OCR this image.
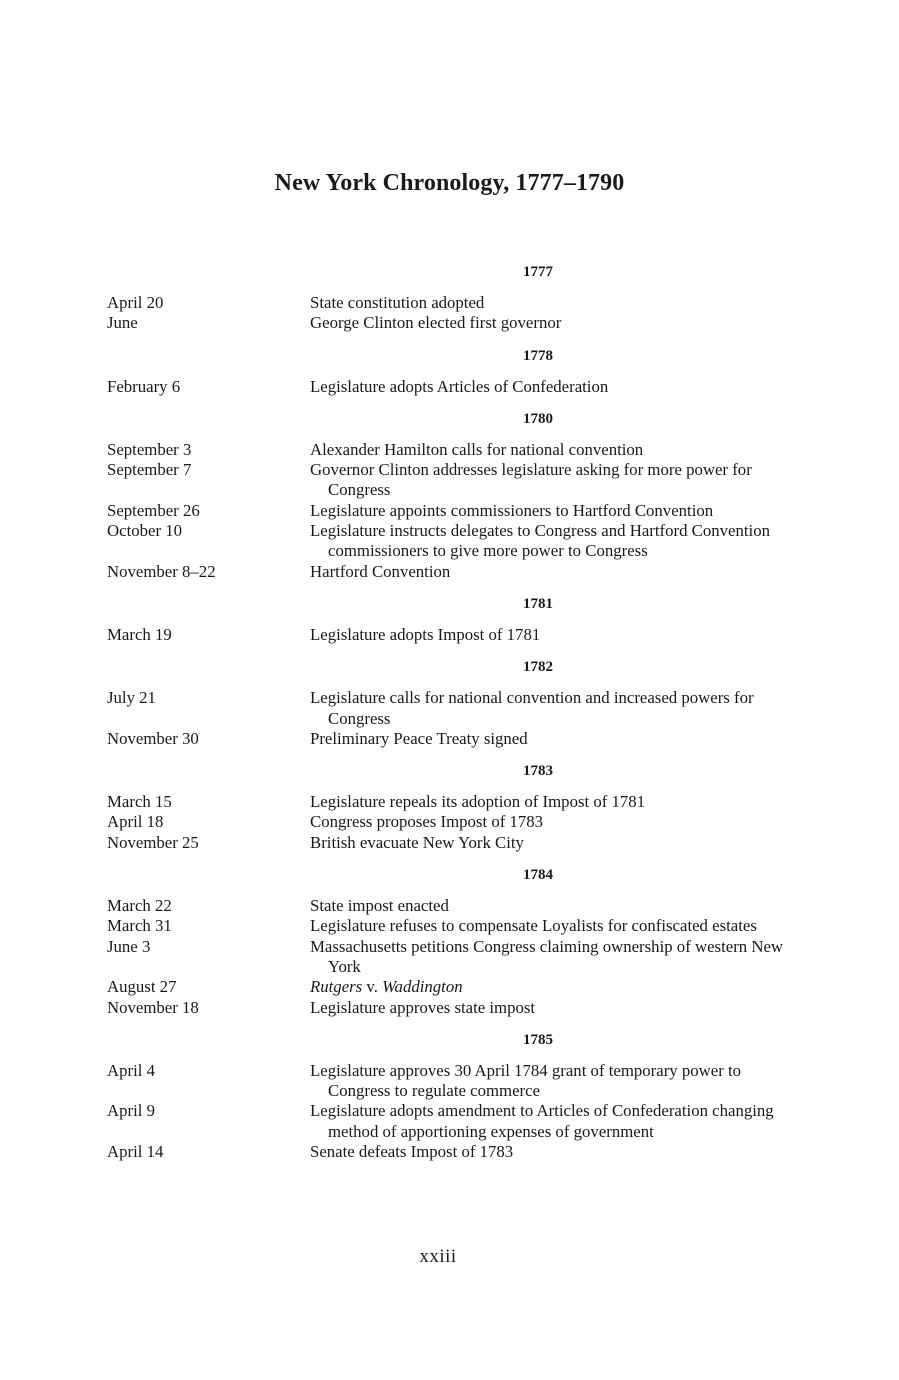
New York Chronology, 1777–1790
1777
April 20	State constitution adopted
June	George Clinton elected first governor
1778
February 6	Legislature adopts Articles of Confederation
1780
September 3	Alexander Hamilton calls for national convention
September 7	Governor Clinton addresses legislature asking for more power for Congress
September 26	Legislature appoints commissioners to Hartford Convention
October 10	Legislature instructs delegates to Congress and Hartford Convention commissioners to give more power to Congress
November 8–22	Hartford Convention
1781
March 19	Legislature adopts Impost of 1781
1782
July 21	Legislature calls for national convention and increased powers for Congress
November 30	Preliminary Peace Treaty signed
1783
March 15	Legislature repeals its adoption of Impost of 1781
April 18	Congress proposes Impost of 1783
November 25	British evacuate New York City
1784
March 22	State impost enacted
March 31	Legislature refuses to compensate Loyalists for confiscated estates
June 3	Massachusetts petitions Congress claiming ownership of western New York
August 27	Rutgers v. Waddington
November 18	Legislature approves state impost
1785
April 4	Legislature approves 30 April 1784 grant of temporary power to Congress to regulate commerce
April 9	Legislature adopts amendment to Articles of Confederation changing method of apportioning expenses of government
April 14	Senate defeats Impost of 1783
xxiii
